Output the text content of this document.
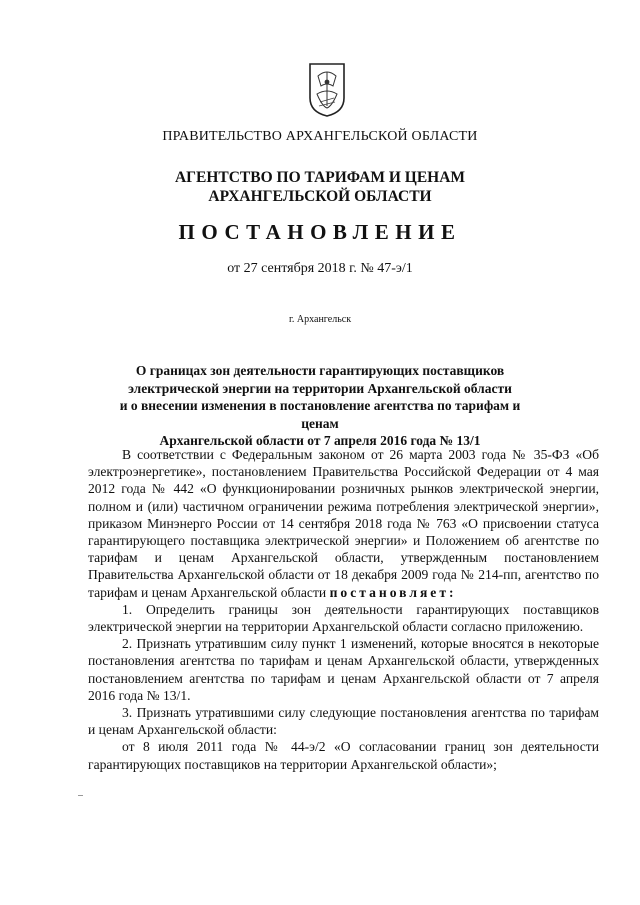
ПРАВИТЕЛЬСТВО АРХАНГЕЛЬСКОЙ ОБЛАСТИ
АГЕНТСТВО ПО ТАРИФАМ И ЦЕНАМ
АРХАНГЕЛЬСКОЙ ОБЛАСТИ
ПОСТАНОВЛЕНИЕ
от 27 сентября 2018 г. № 47-э/1
г. Архангельск
О границах зон деятельности гарантирующих поставщиков
электрической энергии на территории Архангельской области
и о внесении изменения в постановление агентства по тарифам и ценам
Архангельской области от 7 апреля 2016 года № 13/1

В соответствии с Федеральным законом от 26 марта 2003 года № 35-ФЗ «Об электроэнергетике», постановлением Правительства Российской Федерации от 4 мая 2012 года № 442 «О функционировании розничных рынков электрической энергии, полном и (или) частичном ограничении режима потребления электрической энергии», приказом Минэнерго России от 14 сентября 2018 года № 763 «О присвоении статуса гарантирующего поставщика электрической энергии» и Положением об агентстве по тарифам и ценам Архангельской области, утвержденным постановлением Правительства Архангельской области от 18 декабря 2009 года № 214-пп, агентство по тарифам и ценам Архангельской области постановляет:

1. Определить границы зон деятельности гарантирующих поставщиков электрической энергии на территории Архангельской области согласно приложению.

2. Признать утратившим силу пункт 1 изменений, которые вносятся в некоторые постановления агентства по тарифам и ценам Архангельской области, утвержденных постановлением агентства по тарифам и ценам Архангельской области от 7 апреля 2016 года № 13/1.

3. Признать утратившими силу следующие постановления агентства по тарифам и ценам Архангельской области:

от 8 июля 2011 года № 44-э/2 «О согласовании границ зон деятельности гарантирующих поставщиков на территории Архангельской области»;
